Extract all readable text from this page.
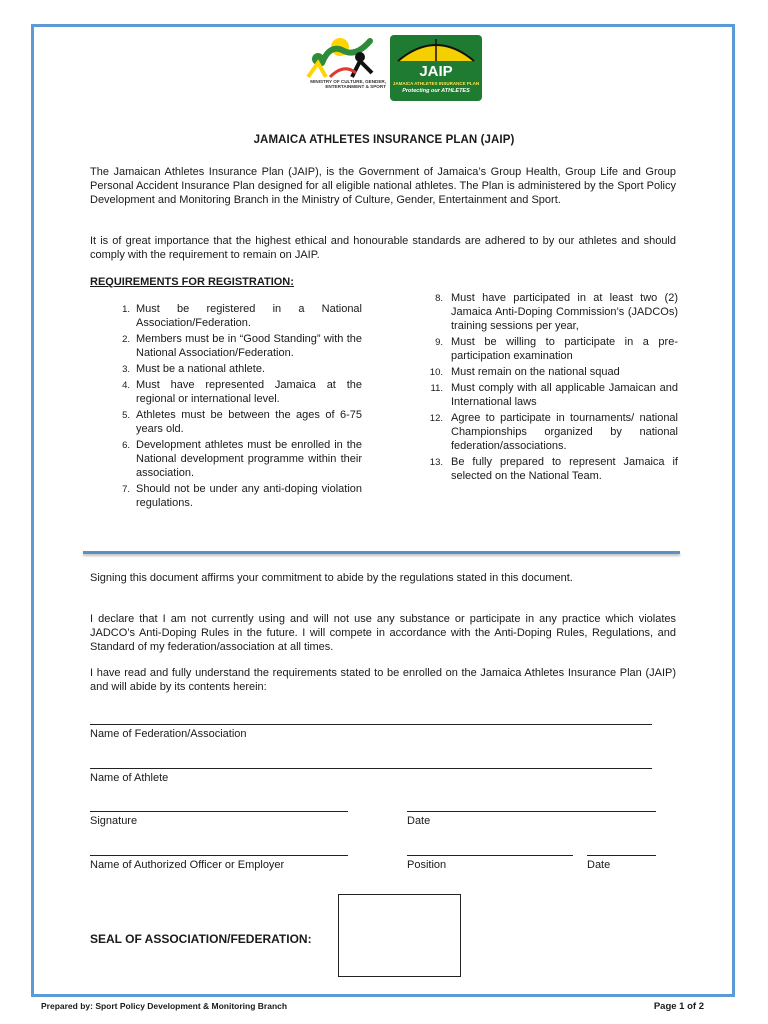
MINISTRY OF CULTURE, GENDER, ENTERTAINMENT & SPORT
JAIP
JAMAICA ATHLETES INSURANCE PLAN
Protecting our ATHLETES
JAMAICA ATHLETES INSURANCE PLAN (JAIP)

The Jamaican Athletes Insurance Plan (JAIP), is the Government of Jamaica’s Group Health, Group Life and Group Personal Accident Insurance Plan designed for all eligible national athletes. The Plan is administered by the Sport Policy Development and Monitoring Branch in the Ministry of Culture, Gender, Entertainment and Sport.

It is of great importance that the highest ethical and honourable standards are adhered to by our athletes and should comply with the requirement to remain on JAIP.

REQUIREMENTS FOR REGISTRATION:
1. Must be registered in a National Association/Federation.
2. Members must be in “Good Standing” with the National Association/Federation.
3. Must be a national athlete.
4. Must have represented Jamaica at the regional or international level.
5. Athletes must be between the ages of 6-75 years old.
6. Development athletes must be enrolled in the National development programme within their association.
7. Should not be under any anti-doping violation regulations.
8. Must have participated in at least two (2) Jamaica Anti-Doping Commission’s (JADCOs) training sessions per year,
9. Must be willing to participate in a pre-participation examination
10. Must remain on the national squad
11. Must comply with all applicable Jamaican and International laws
12. Agree to participate in tournaments/ national Championships organized by national federation/associations.
13. Be fully prepared to represent Jamaica if selected on the National Team.

Signing this document affirms your commitment to abide by the regulations stated in this document.

I declare that I am not currently using and will not use any substance or participate in any practice which violates JADCO’s Anti-Doping Rules in the future. I will compete in accordance with the Anti-Doping Rules, Regulations, and Standard of my federation/association at all times.

I have read and fully understand the requirements stated to be enrolled on the Jamaica Athletes Insurance Plan (JAIP) and will abide by its contents herein:

Name of Federation/Association
Name of Athlete
Signature	Date
Name of Authorized Officer or Employer	Position	Date
SEAL OF ASSOCIATION/FEDERATION:
Prepared by: Sport Policy Development & Monitoring Branch	Page 1 of 2
